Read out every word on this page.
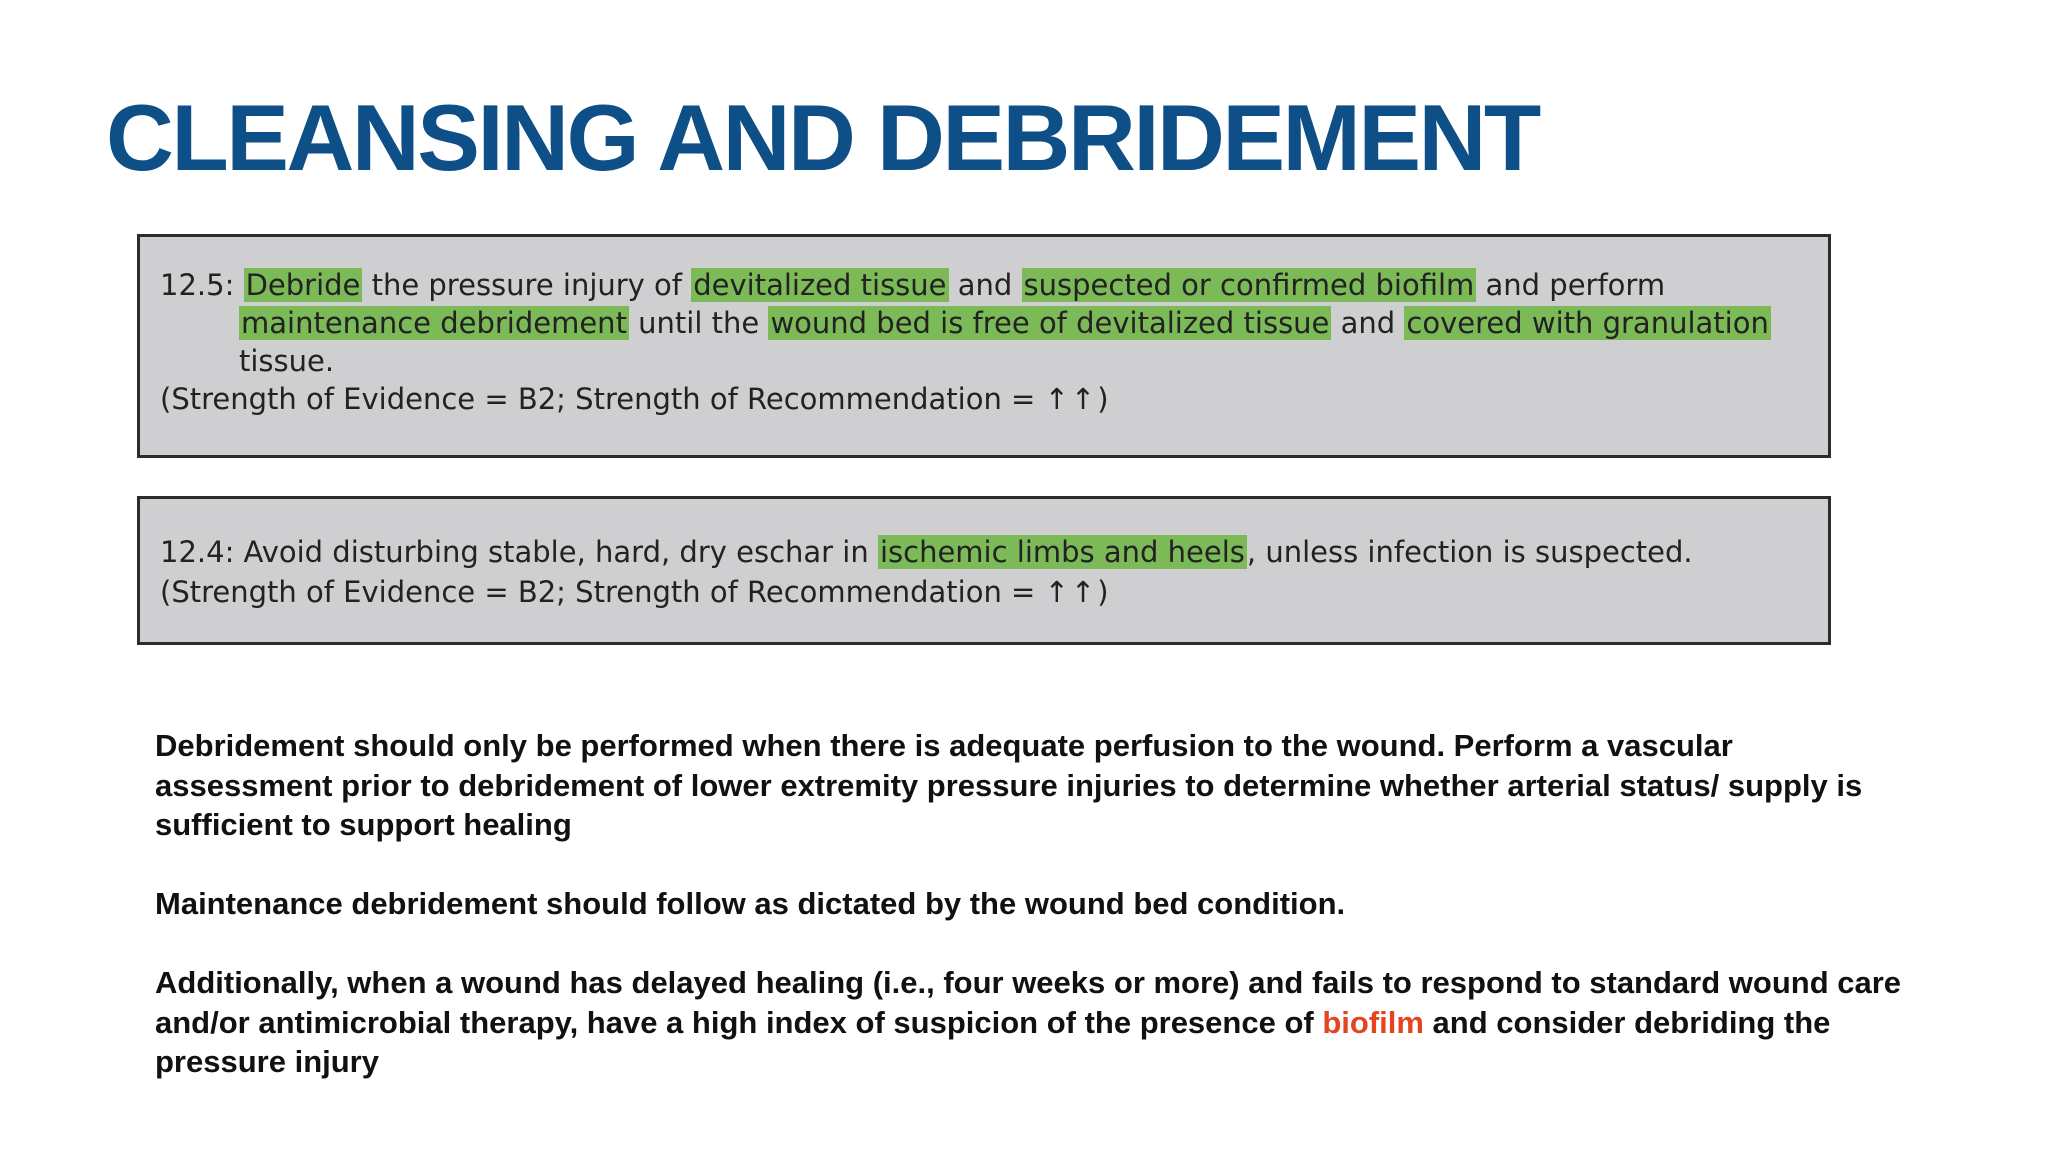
CLEANSING AND DEBRIDEMENT

12.5: Debride the pressure injury of devitalized tissue and suspected or confirmed biofilm and perform

maintenance debridement until the wound bed is free of devitalized tissue and covered with granulation

tissue.

(Strength of Evidence = B2; Strength of Recommendation = ↑↑)

12.4: Avoid disturbing stable, hard, dry eschar in ischemic limbs and heels, unless infection is suspected.

(Strength of Evidence = B2; Strength of Recommendation = ↑↑)

Debridement should only be performed when there is adequate perfusion to the wound. Perform a vascular assessment prior to debridement of lower extremity pressure injuries to determine whether arterial status/ supply is sufficient to support healing

Maintenance debridement should follow as dictated by the wound bed condition.

Additionally, when a wound has delayed healing (i.e., four weeks or more) and fails to respond to standard wound care and/or antimicrobial therapy, have a high index of suspicion of the presence of biofilm and consider debriding the pressure injury
